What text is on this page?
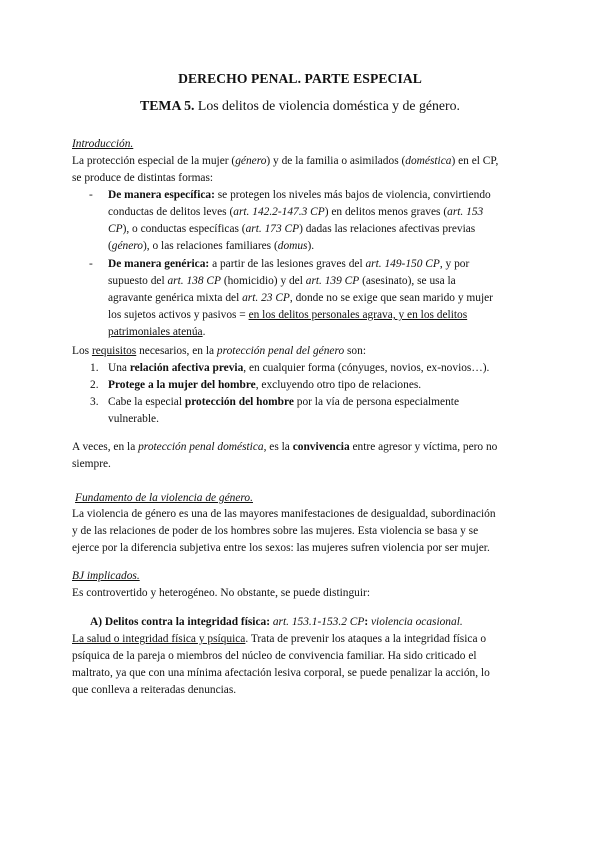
DERECHO PENAL. PARTE ESPECIAL
TEMA 5. Los delitos de violencia doméstica y de género.
Introducción.
La protección especial de la mujer (género) y de la familia o asimilados (doméstica) en el CP,
se produce de distintas formas:
- De manera específica: se protegen los niveles más bajos de violencia, convirtiendo
conductas de delitos leves (art. 142.2-147.3 CP) en delitos menos graves (art. 153
CP), o conductas específicas (art. 173 CP) dadas las relaciones afectivas previas
(género), o las relaciones familiares (domus).
- De manera genérica: a partir de las lesiones graves del art. 149-150 CP, y por
supuesto del art. 138 CP (homicidio) y del art. 139 CP (asesinato), se usa la
agravante genérica mixta del art. 23 CP, donde no se exige que sean marido y mujer
los sujetos activos y pasivos = en los delitos personales agrava, y en los delitos
patrimoniales atenúa.
Los requisitos necesarios, en la protección penal del género son:
1. Una relación afectiva previa, en cualquier forma (cónyuges, novios, ex-novios…).
2. Protege a la mujer del hombre, excluyendo otro tipo de relaciones.
3. Cabe la especial protección del hombre por la vía de persona especialmente
vulnerable.
A veces, en la protección penal doméstica, es la convivencia entre agresor y víctima, pero no
siempre.
Fundamento de la violencia de género.
La violencia de género es una de las mayores manifestaciones de desigualdad, subordinación
y de las relaciones de poder de los hombres sobre las mujeres. Esta violencia se basa y se
ejerce por la diferencia subjetiva entre los sexos: las mujeres sufren violencia por ser mujer.
BJ implicados.
Es controvertido y heterogéneo. No obstante, se puede distinguir:
A) Delitos contra la integridad física: art. 153.1-153.2 CP: violencia ocasional.
La salud o integridad física y psíquica. Trata de prevenir los ataques a la integridad física o
psíquica de la pareja o miembros del núcleo de convivencia familiar. Ha sido criticado el
maltrato, ya que con una mínima afectación lesiva corporal, se puede penalizar la acción, lo
que conlleva a reiteradas denuncias.
